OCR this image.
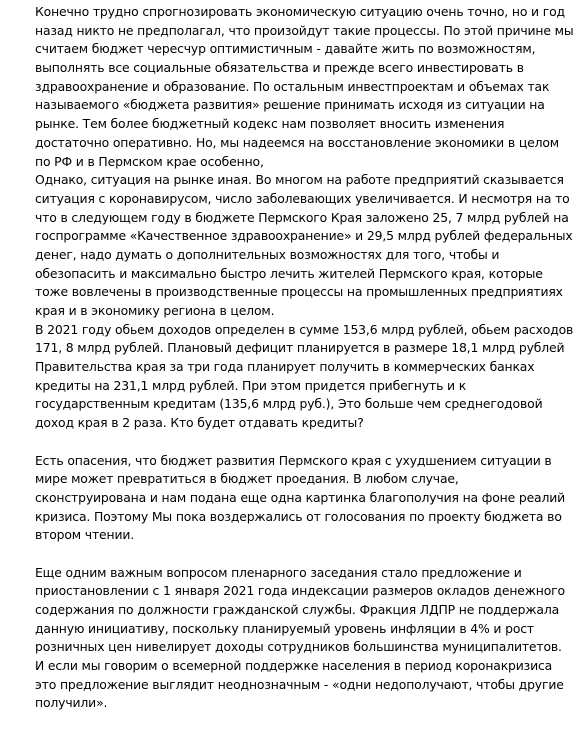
Конечно трудно спрогнозировать экономическую ситуацию очень точно, но и год
назад никто не предполагал, что произойдут такие процессы. По этой причине мы
считаем бюджет чересчур оптимистичным - давайте жить по возможностям,
выполнять все социальные обязательства и прежде всего инвестировать в
здравоохранение и образование. По остальным инвестпроектам и объемах так
называемого «бюджета развития» решение принимать исходя из ситуации на
рынке. Тем более бюджетный кодекс нам позволяет вносить изменения
достаточно оперативно. Но, мы надеемся на восстановление экономики в целом
по РФ и в Пермском крае особенно,
Однако, ситуация на рынке иная. Во многом на работе предприятий сказывается
ситуация с коронавирусом, число заболевающих увеличивается. И несмотря на то
что в следующем году в бюджете Пермского Края заложено 25, 7 млрд рублей на
госпрограмме «Качественное здравоохранение» и 29,5 млрд рублей федеральных
денег, надо думать о дополнительных возможностях для того, чтобы и
обезопасить и максимально быстро лечить жителей Пермского края, которые
тоже вовлечены в производственные процессы на промышленных предприятиях
края и в экономику региона в целом.
В 2021 году обьем доходов определен в сумме 153,6 млрд рублей, обьем расходов
171, 8 млрд рублей. Плановый дефицит планируется в размере 18,1 млрд рублей
Правительства края за три года планирует получить в коммерческих банках
кредиты на 231,1 млрд рублей. При этом придется прибегнуть и к
государственным кредитам (135,6 млрд руб.), Это больше чем среднегодовой
доход края в 2 раза. Кто будет отдавать кредиты?
Есть опасения, что бюджет развития Пермского края с ухудшением ситуации в
мире может превратиться в бюджет проедания. В любом случае,
сконструирована и нам подана еще одна картинка благополучия на фоне реалий
кризиса. Поэтому Мы пока воздержались от голосования по проекту бюджета во
втором чтении.
Еще одним важным вопросом пленарного заседания стало предложение и
приостановлении с 1 января 2021 года индексации размеров окладов денежного
содержания по должности гражданской службы. Фракция ЛДПР не поддержала
данную инициативу, поскольку планируемый уровень инфляции в 4% и рост
розничных цен нивелирует доходы сотрудников большинства муниципалитетов.
И если мы говорим о всемерной поддержке населения в период коронакризиса
это предложение выглядит неоднозначным - «одни недополучают, чтобы другие
получили».
